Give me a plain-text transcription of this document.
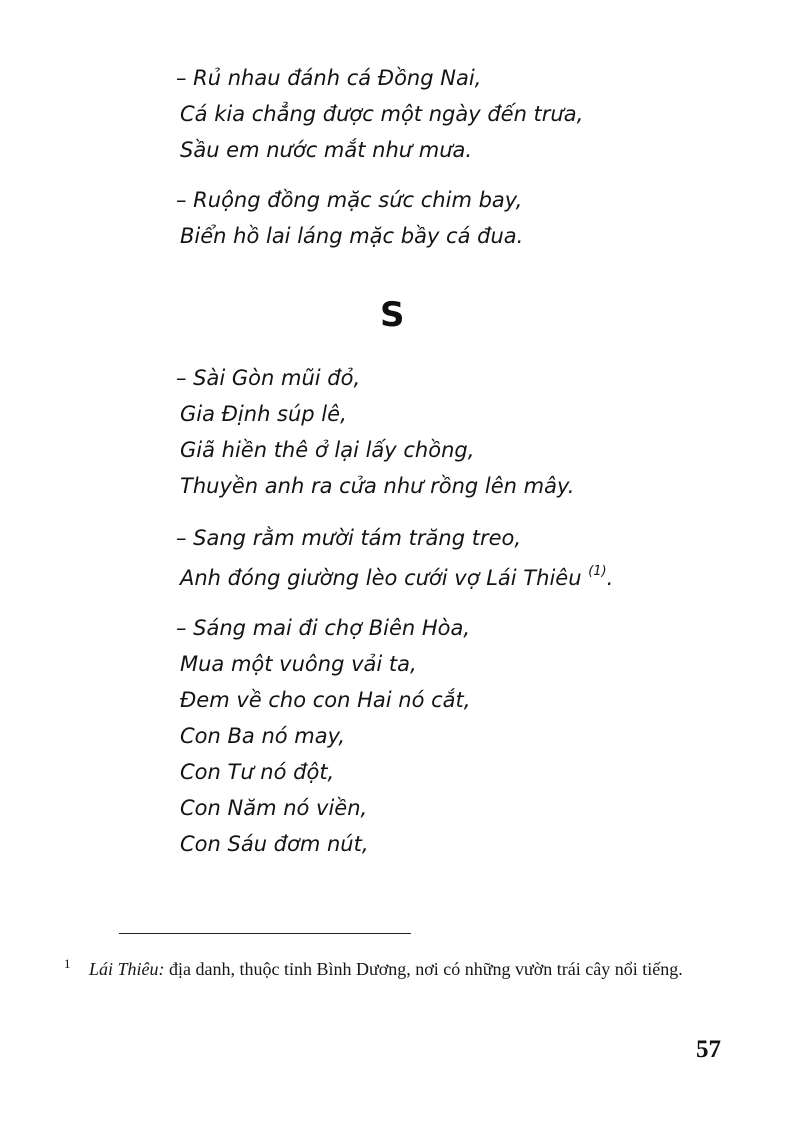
– Rủ nhau đánh cá Đồng Nai,
Cá kia chẳng được một ngày đến trưa,
Sầu em nước mắt như mưa.
– Ruộng đồng mặc sức chim bay,
Biển hồ lai láng mặc bầy cá đua.
S
– Sài Gòn mũi đỏ,
Gia Định súp lê,
Giã hiền thê ở lại lấy chồng,
Thuyền anh ra cửa như rồng lên mây.
– Sang rằm mười tám trăng treo,
Anh đóng giường lèo cưới vợ Lái Thiêu $^{(1)}$.
– Sáng mai đi chợ Biên Hòa,
Mua một vuông vải ta,
Đem về cho con Hai nó cắt,
Con Ba nó may,
Con Tư nó đột,
Con Năm nó viền,
Con Sáu đơm nút,
1 Lái Thiêu: địa danh, thuộc tỉnh Bình Dương, nơi có những vườn trái cây nổi tiếng.
57
